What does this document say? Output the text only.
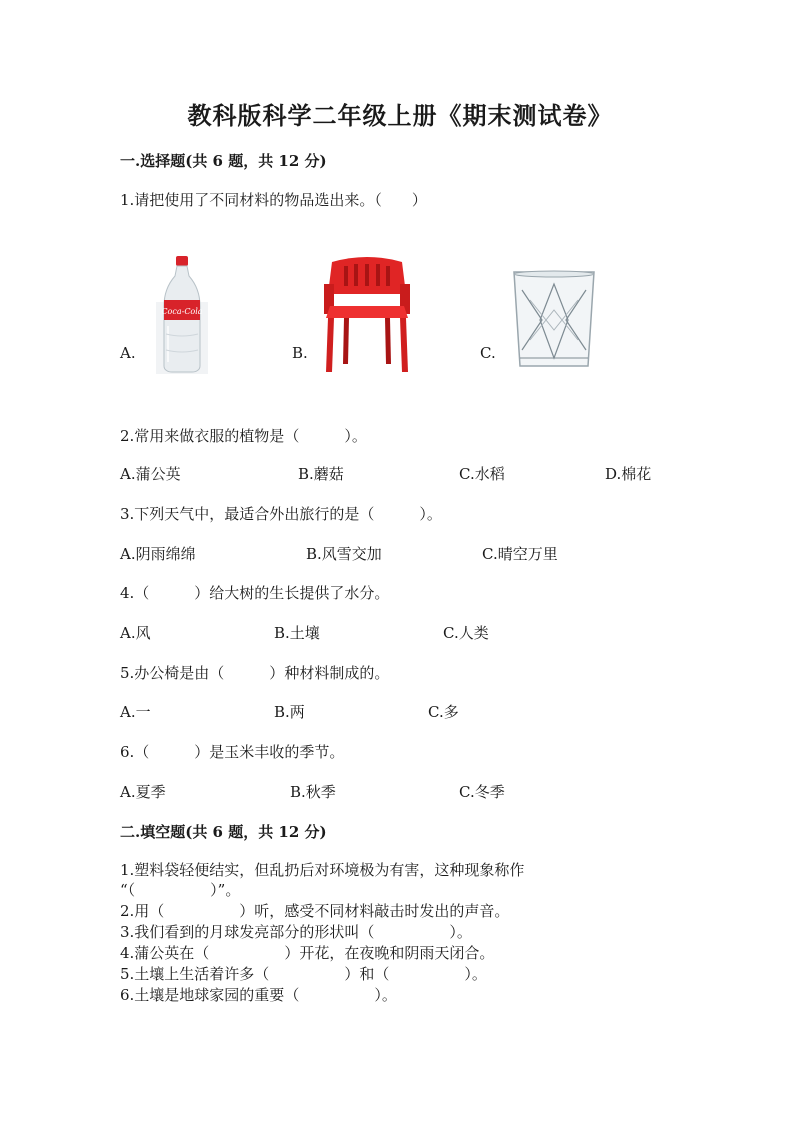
教科版科学二年级上册《期末测试卷》
一.选择题(共 6 题，共 12 分)
1.请把使用了不同材料的物品选出来。（　　）
A.
Coca-Cola
B.	C.
2.常用来做衣服的植物是（　　　）。
A.蒲公英	B.蘑菇	C.水稻	D.棉花
3.下列天气中，最适合外出旅行的是（　　　）。
A.阴雨绵绵	B.风雪交加	C.晴空万里
4.（　　　）给大树的生长提供了水分。
A.风	B.土壤	C.人类
5.办公椅是由（　　　）种材料制成的。
A.一	B.两	C.多
6.（　　　）是玉米丰收的季节。
A.夏季	B.秋季	C.冬季
二.填空题(共 6 题，共 12 分)
1.塑料袋轻便结实，但乱扔后对环境极为有害，这种现象称作
“（　　　　　）”。
2.用（　　　　　）听，感受不同材料敲击时发出的声音。
3.我们看到的月球发亮部分的形状叫（　　　　　）。
4.蒲公英在（　　　　　）开花，在夜晚和阴雨天闭合。
5.土壤上生活着许多（　　　　　）和（　　　　　）。
6.土壤是地球家园的重要（　　　　　）。
